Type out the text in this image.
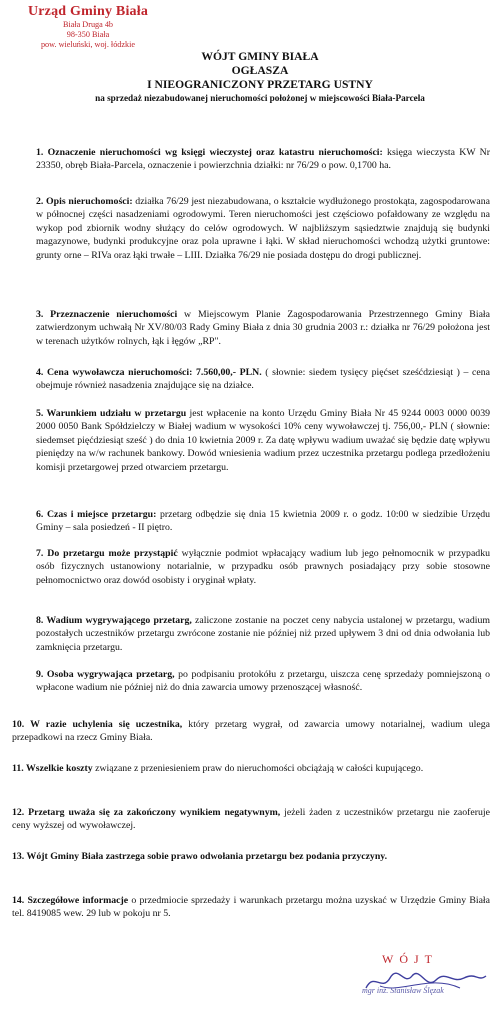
Urząd Gminy Biała
Biała Druga 4b
98-350 Biała
pow. wieluński, woj. łódzkie
WÓJT GMINY BIAŁA
OGŁASZA
I NIEOGRANICZONY PRZETARG USTNY
na sprzedaż niezabudowanej nieruchomości położonej w miejscowości Biała-Parcela

1. Oznaczenie nieruchomości wg księgi wieczystej oraz katastru nieruchomości: księga wieczysta KW Nr 23350, obręb Biała-Parcela, oznaczenie i powierzchnia działki: nr 76/29 o pow. 0,1700 ha.

2. Opis nieruchomości: działka 76/29 jest niezabudowana, o kształcie wydłużonego prostokąta, zagospodarowana w północnej części nasadzeniami ogrodowymi. Teren nieruchomości jest częściowo pofałdowany ze względu na wykop pod zbiornik wodny służący do celów ogrodowych. W najbliższym sąsiedztwie znajdują się budynki magazynowe, budynki produkcyjne oraz pola uprawne i łąki. W skład nieruchomości wchodzą użytki gruntowe: grunty orne – RIVa oraz łąki trwałe – LIII. Działka 76/29 nie posiada dostępu do drogi publicznej.

3. Przeznaczenie nieruchomości w Miejscowym Planie Zagospodarowania Przestrzennego Gminy Biała zatwierdzonym uchwałą Nr XV/80/03 Rady Gminy Biała z dnia 30 grudnia 2003 r.: działka nr 76/29 położona jest w terenach użytków rolnych, łąk i łęgów „RP".

4. Cena wywoławcza nieruchomości: 7.560,00,- PLN. ( słownie: siedem tysięcy pięćset sześćdziesiąt ) – cena obejmuje również nasadzenia znajdujące się na działce.

5. Warunkiem udziału w przetargu jest wpłacenie na konto Urzędu Gminy Biała Nr 45 9244 0003 0000 0039 2000 0050 Bank Spółdzielczy w Białej wadium w wysokości 10% ceny wywoławczej tj. 756,00,- PLN ( słownie: siedemset pięćdziesiąt sześć ) do dnia 10 kwietnia 2009 r. Za datę wpływu wadium uważać się będzie datę wpływu pieniędzy na w/w rachunek bankowy. Dowód wniesienia wadium przez uczestnika przetargu podlega przedłożeniu komisji przetargowej przed otwarciem przetargu.

6. Czas i miejsce przetargu: przetarg odbędzie się dnia 15 kwietnia 2009 r. o godz. 10:00 w siedzibie Urzędu Gminy – sala posiedzeń - II piętro.

7. Do przetargu może przystąpić wyłącznie podmiot wpłacający wadium lub jego pełnomocnik w przypadku osób fizycznych ustanowiony notarialnie, w przypadku osób prawnych posiadający przy sobie stosowne pełnomocnictwo oraz dowód osobisty i oryginał wpłaty.

8. Wadium wygrywającego przetarg, zaliczone zostanie na poczet ceny nabycia ustalonej w przetargu, wadium pozostałych uczestników przetargu zwrócone zostanie nie później niż przed upływem 3 dni od dnia odwołania lub zamknięcia przetargu.

9. Osoba wygrywająca przetarg, po podpisaniu protokółu z przetargu, uiszcza cenę sprzedaży pomniejszoną o wpłacone wadium nie później niż do dnia zawarcia umowy przenoszącej własność.

10. W razie uchylenia się uczestnika, który przetarg wygrał, od zawarcia umowy notarialnej, wadium ulega przepadkowi na rzecz Gminy Biała.

11. Wszelkie koszty związane z przeniesieniem praw do nieruchomości obciążają w całości kupującego.

12. Przetarg uważa się za zakończony wynikiem negatywnym, jeżeli żaden z uczestników przetargu nie zaoferuje ceny wyższej od wywoławczej.

13. Wójt Gminy Biała zastrzega sobie prawo odwołania przetargu bez podania przyczyny.

14. Szczegółowe informacje o przedmiocie sprzedaży i warunkach przetargu można uzyskać w Urzędzie Gminy Biała tel. 8419085 wew. 29 lub w pokoju nr 5.

WÓJT
mgr inż. Stanisław Ślęzak
